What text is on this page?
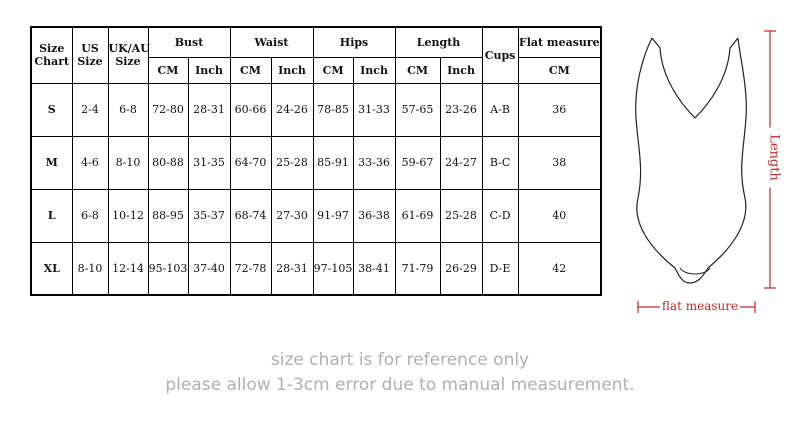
Size Chart	US Size	UK/AU Size	Bust		Waist		Hips		Length		Cups	Flat measure
			CM	Inch	CM	Inch	CM	Inch	CM	Inch		CM
S	2-4	6-8	72-80	28-31	60-66	24-26	78-85	31-33	57-65	23-26	A-B	36
M	4-6	8-10	80-88	31-35	64-70	25-28	85-91	33-36	59-67	24-27	B-C	38
L	6-8	10-12	88-95	35-37	68-74	27-30	91-97	36-38	61-69	25-28	C-D	40
XL	8-10	12-14	95-103	37-40	72-78	28-31	97-105	38-41	71-79	26-29	D-E	42
flat measure
Length
size chart is for reference only
please allow 1-3cm error due to manual measurement.
